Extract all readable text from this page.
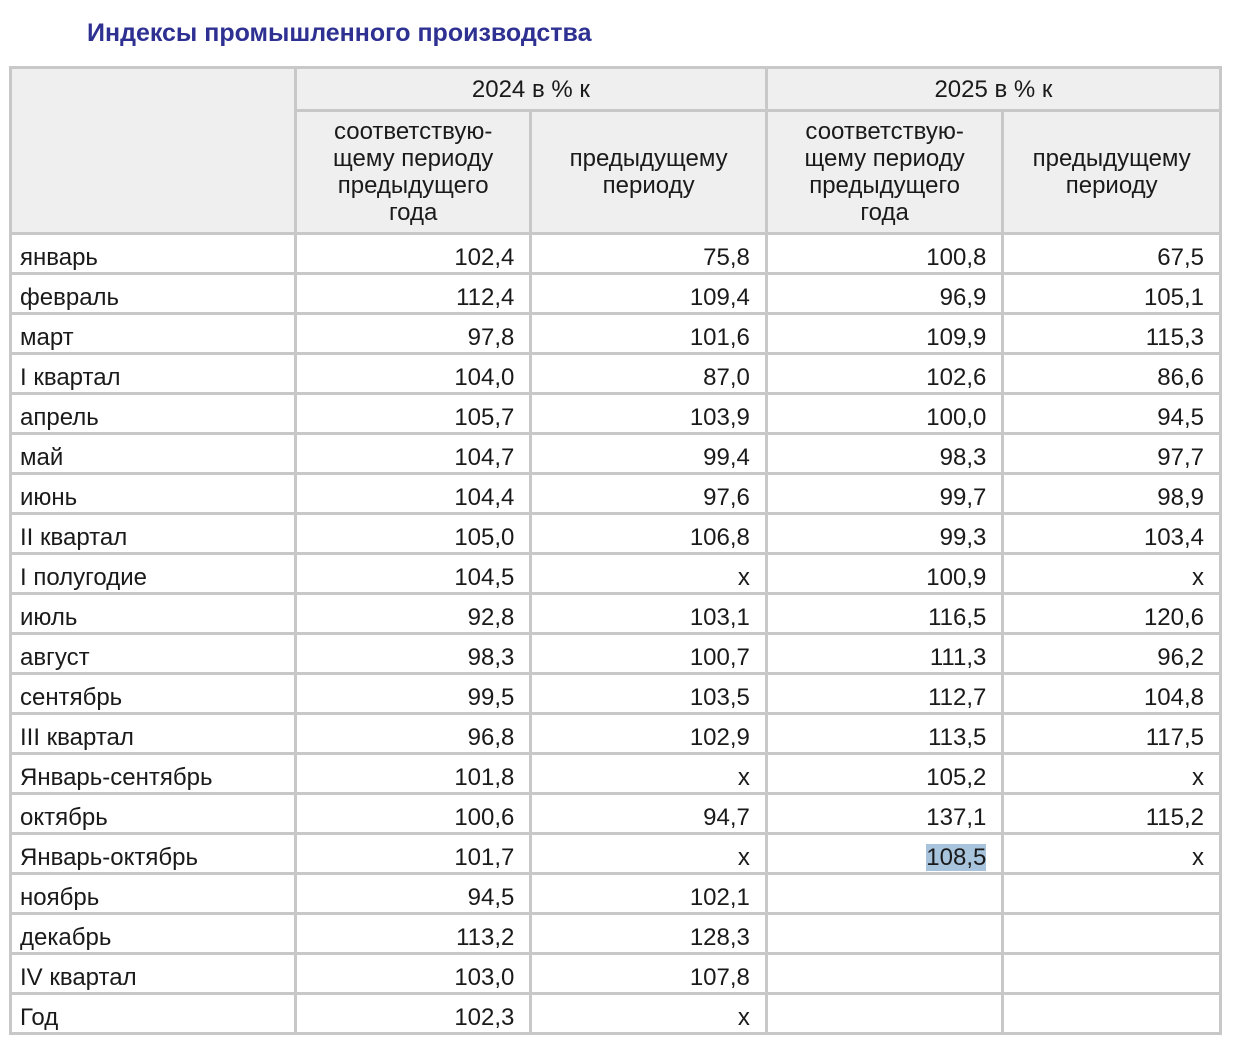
Индексы промышленного производства
	2024 в % к		2025 в % к	
	соответствую-
щему периоду
предыдущего
года	предыдущему
периоду	соответствую-
щему периоду
предыдущего
года	предыдущему
периоду
январь	102,4	75,8	100,8	67,5
февраль	112,4	109,4	96,9	105,1
март	97,8	101,6	109,9	115,3
I квартал	104,0	87,0	102,6	86,6
апрель	105,7	103,9	100,0	94,5
май	104,7	99,4	98,3	97,7
июнь	104,4	97,6	99,7	98,9
II квартал	105,0	106,8	99,3	103,4
I полугодие	104,5	x	100,9	x
июль	92,8	103,1	116,5	120,6
август	98,3	100,7	111,3	96,2
сентябрь	99,5	103,5	112,7	104,8
III квартал	96,8	102,9	113,5	117,5
Январь-сентябрь	101,8	x	105,2	x
октябрь	100,6	94,7	137,1	115,2
Январь-октябрь	101,7	x	108,5	x
ноябрь	94,5	102,1		
декабрь	113,2	128,3		
IV квартал	103,0	107,8		
Год	102,3	x		
